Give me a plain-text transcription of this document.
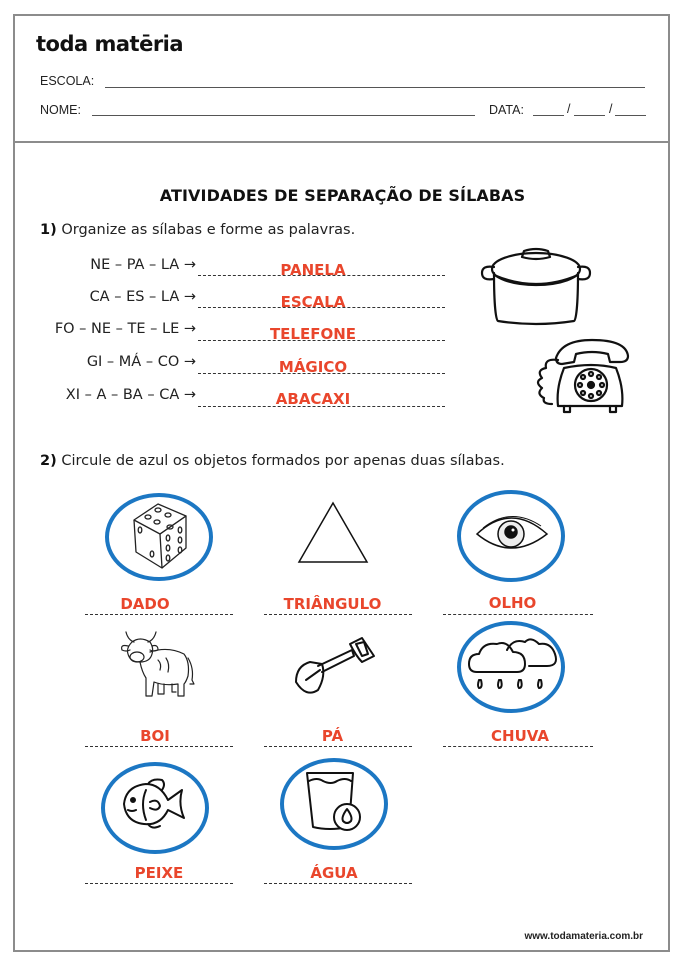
toda matēria
ESCOLA:
NOME:	DATA:	/	/
ATIVIDADES DE SEPARAÇÃO DE SÍLABAS
1) Organize as sílabas e forme as palavras.
NE – PA – LA →	PANELA
CA – ES – LA →	ESCALA
FO – NE – TE – LE →	TELEFONE
GI – MÁ – CO →	MÁGICO
XI – A – BA – CA →	ABACAXI
2) Circule de azul os objetos formados por apenas duas sílabas.
DADO	TRIÂNGULO	OLHO
BOI	PÁ	CHUVA
PEIXE	ÁGUA
www.todamateria.com.br
